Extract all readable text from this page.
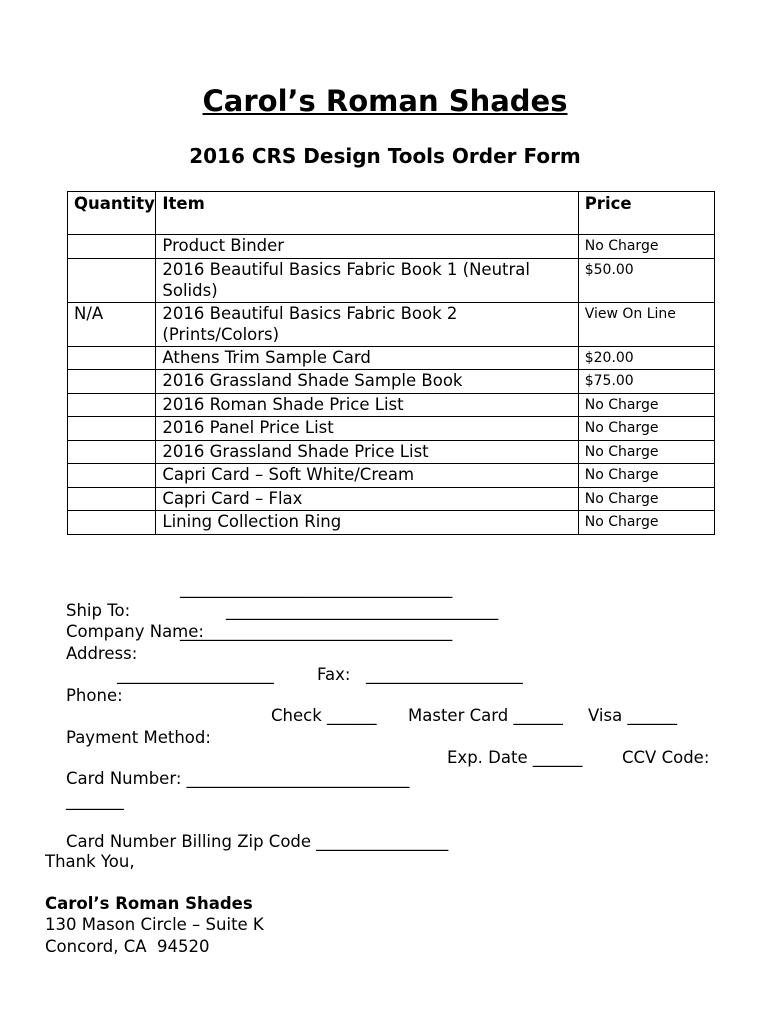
Carol’s Roman Shades
2016 CRS Design Tools Order Form
Quantity	Item	Price
	Product Binder	No Charge
	2016 Beautiful Basics Fabric Book 1 (Neutral Solids)	$50.00
N/A	2016 Beautiful Basics Fabric Book 2 (Prints/Colors)	View On Line
	Athens Trim Sample Card	$20.00
	2016 Grassland Shade Sample Book	$75.00
	2016 Roman Shade Price List	No Charge
	2016 Panel Price List	No Charge
	2016 Grassland Shade Price List	No Charge
	Capri Card – Soft White/Cream	No Charge
	Capri Card – Flax	No Charge
	Lining Collection Ring	No Charge

Ship To:

_________________________________

Company Name:

_________________________________

Address:

_________________________________

Phone:

___________________

	Fax:

___________________

Payment Method:

Check ______

Master Card ______

Visa ______

Card Number: ___________________________

Exp. Date ______

CCV Code:

_______

Card Number Billing Zip Code ________________

Thank You,
Carol’s Roman Shades
130 Mason Circle – Suite K
Concord, CA  94520
